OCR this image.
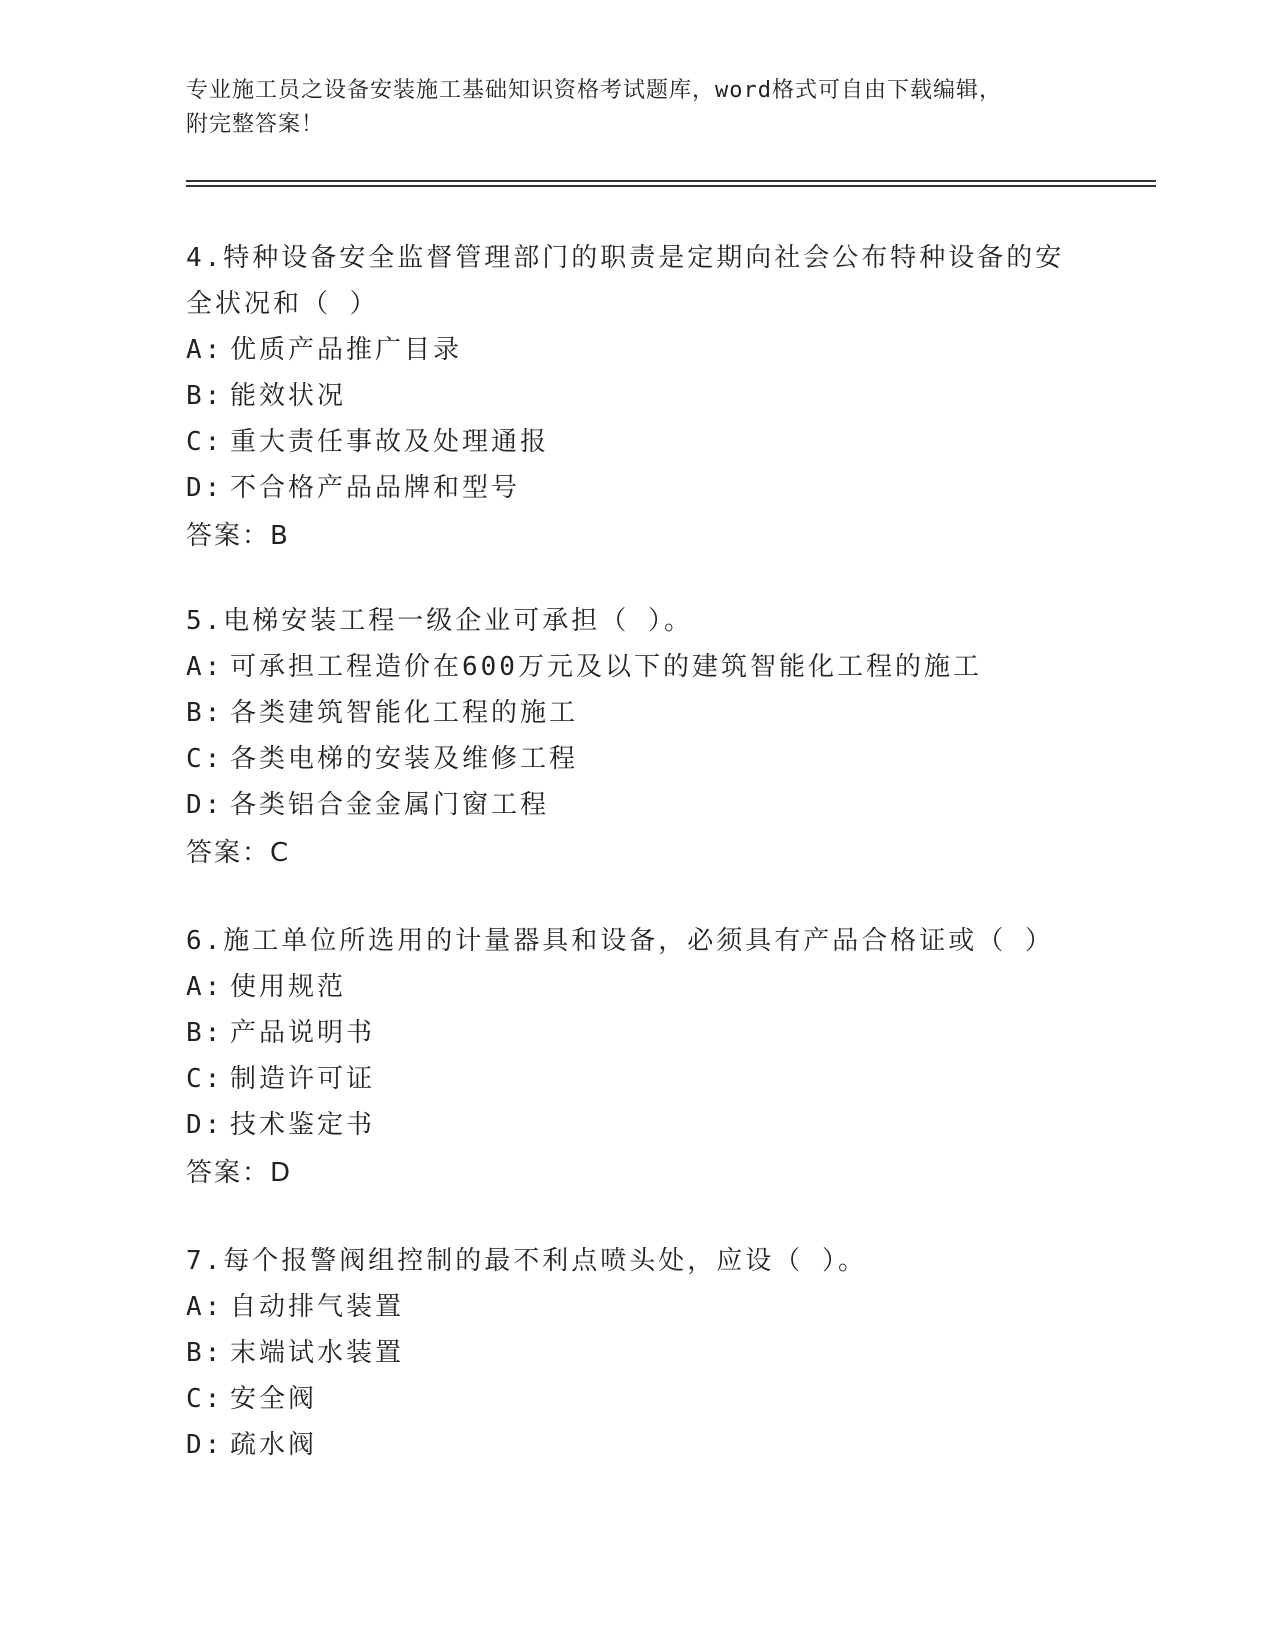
专业施工员之设备安装施工基础知识资格考试题库，word格式可自由下载编辑，
附完整答案！
4.特种设备安全监督管理部门的职责是定期向社会公布特种设备的安
全状况和（ ）
A: 优质产品推广目录
B: 能效状况
C: 重大责任事故及处理通报
D: 不合格产品品牌和型号
答案：B
5.电梯安装工程一级企业可承担（ ）。
A: 可承担工程造价在600万元及以下的建筑智能化工程的施工
B: 各类建筑智能化工程的施工
C: 各类电梯的安装及维修工程
D: 各类铝合金金属门窗工程
答案：C
6.施工单位所选用的计量器具和设备，必须具有产品合格证或（ ）
A: 使用规范
B: 产品说明书
C: 制造许可证
D: 技术鉴定书
答案：D
7.每个报警阀组控制的最不利点喷头处，应设（ ）。
A: 自动排气装置
B: 末端试水装置
C: 安全阀
D: 疏水阀
